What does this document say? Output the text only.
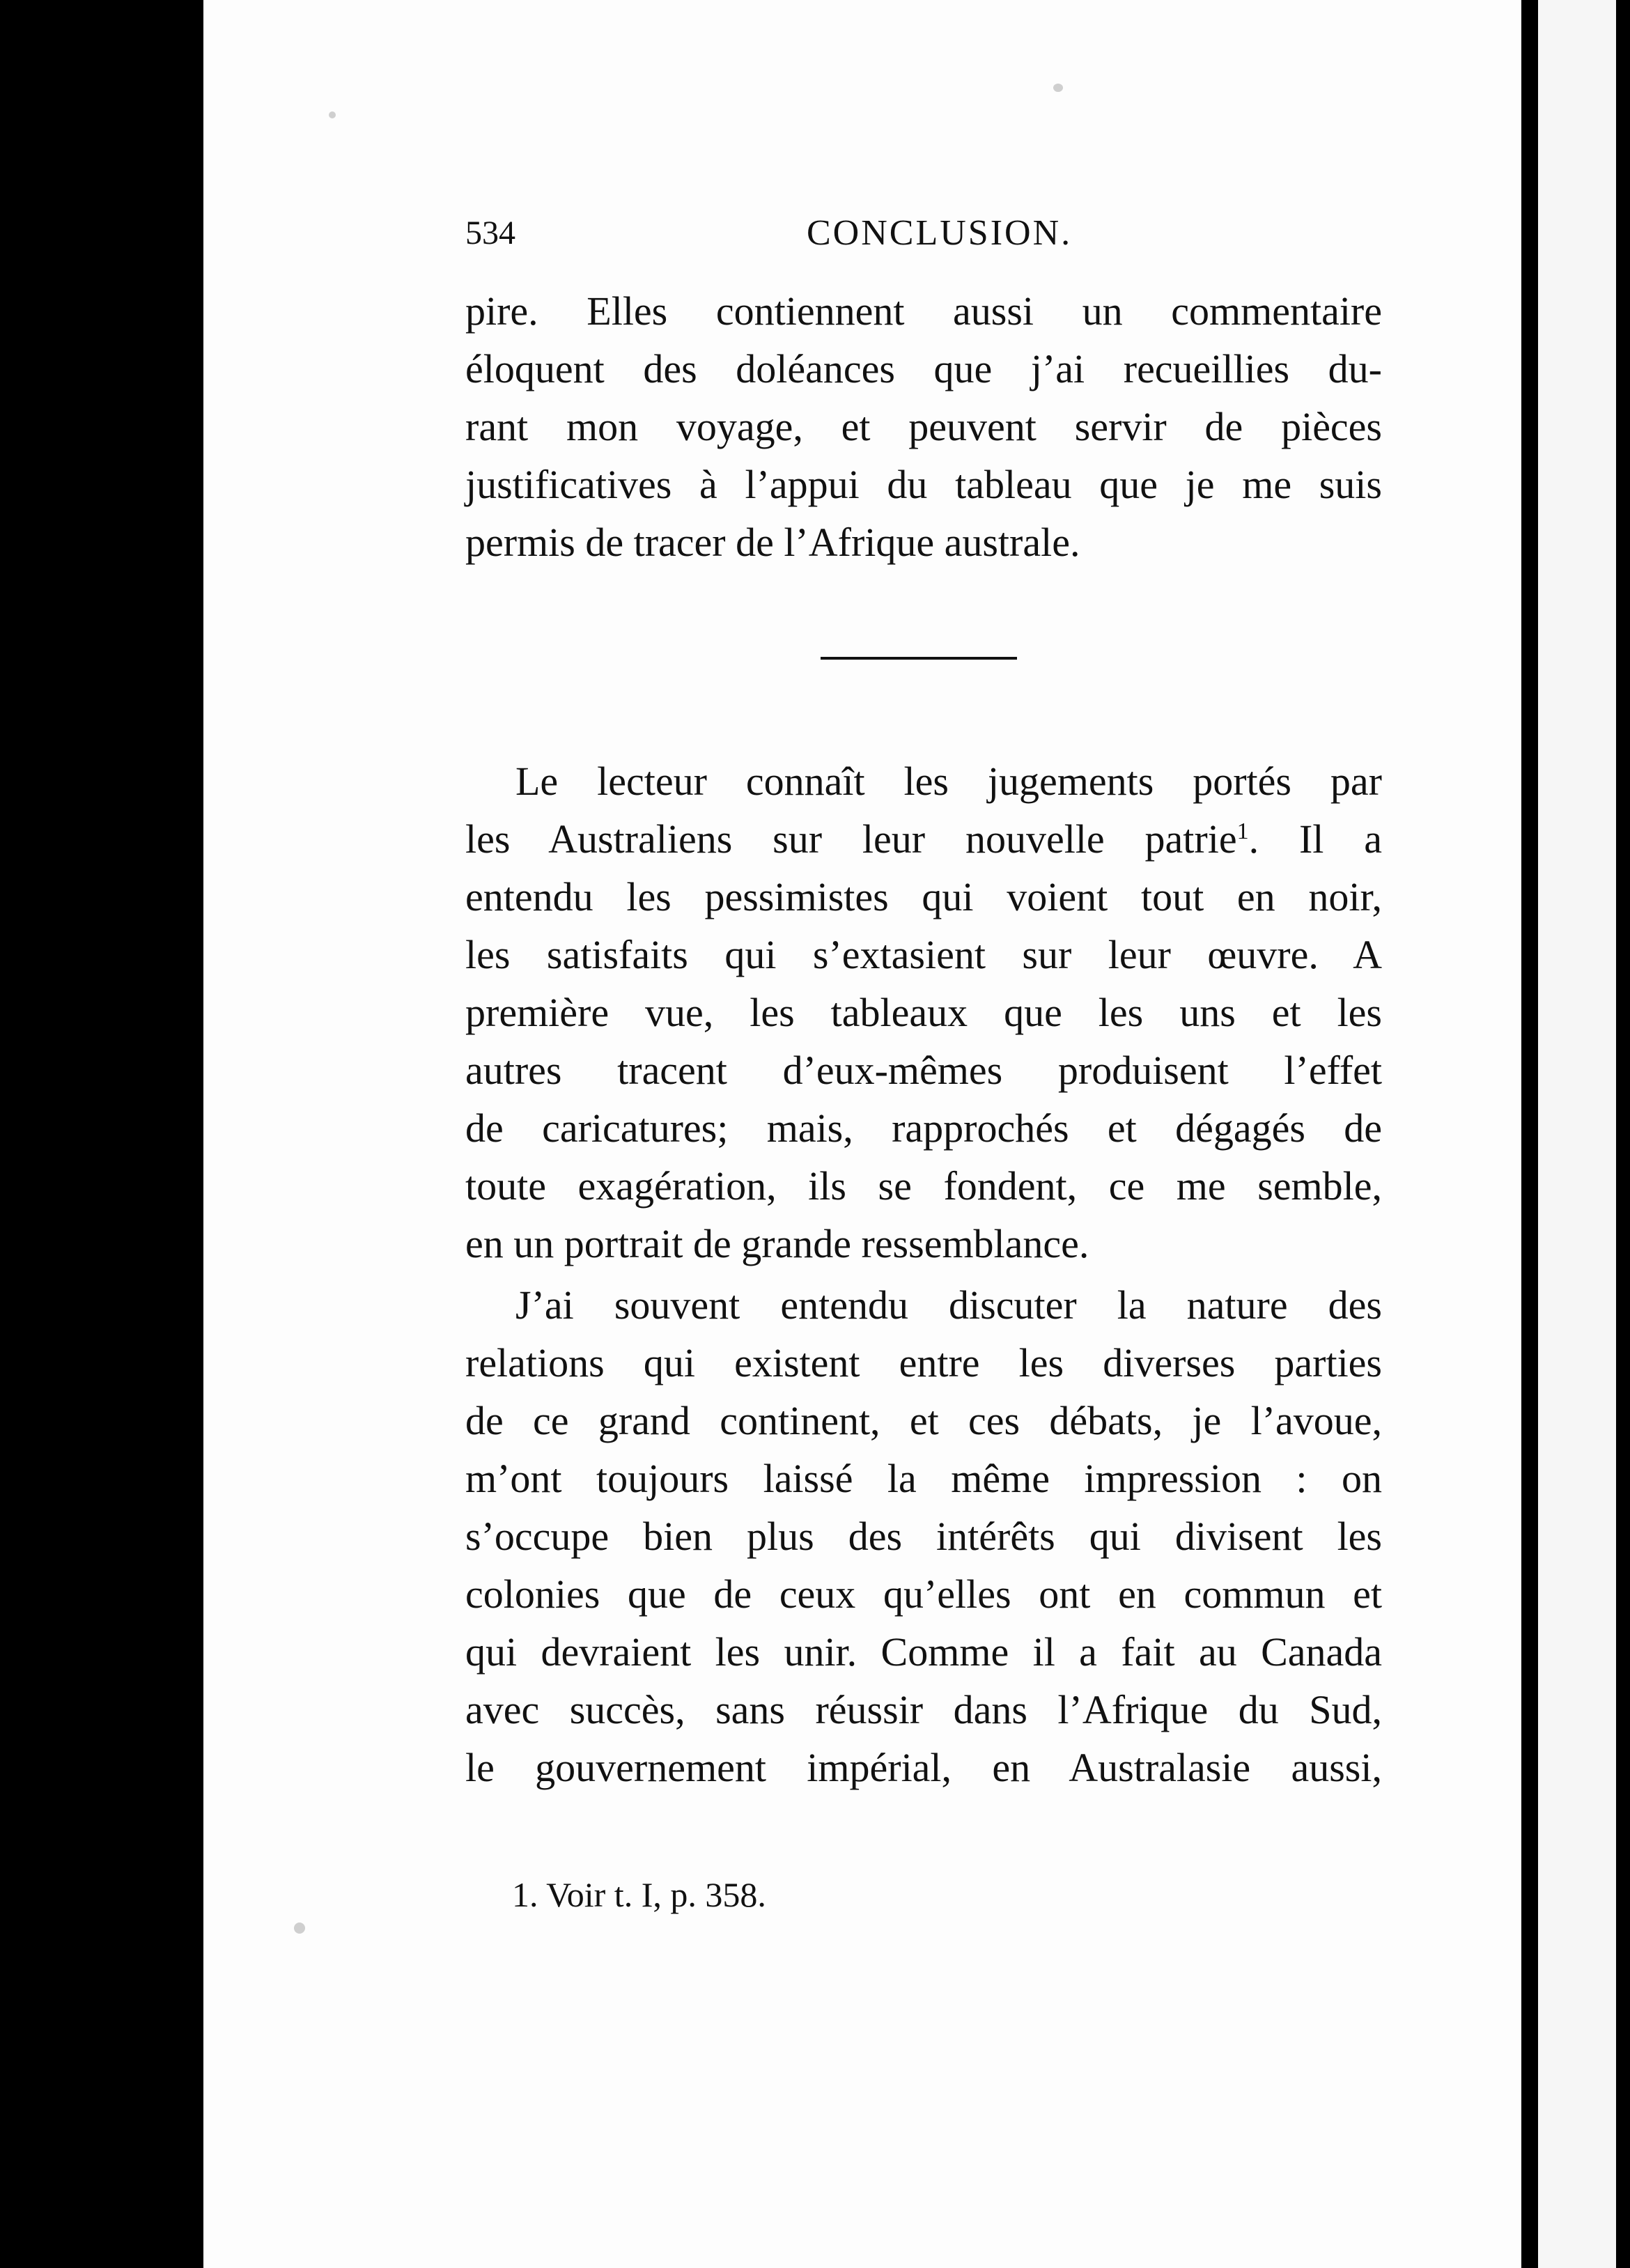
534	CONCLUSION.
pire. Elles contiennent aussi un commentaire
éloquent des doléances que j’ai recueillies du-
rant mon voyage, et peuvent servir de pièces
justificatives à l’appui du tableau que je me suis
permis de tracer de l’Afrique australe.
Le lecteur connaît les jugements portés par
les Australiens sur leur nouvelle patrie$^1$. Il a
entendu les pessimistes qui voient tout en noir,
les satisfaits qui s’extasient sur leur œuvre. A
première vue, les tableaux que les uns et les
autres tracent d’eux-mêmes produisent l’effet
de caricatures; mais, rapprochés et dégagés de
toute exagération, ils se fondent, ce me semble,
en un portrait de grande ressemblance.
J’ai souvent entendu discuter la nature des
relations qui existent entre les diverses parties
de ce grand continent, et ces débats, je l’avoue,
m’ont toujours laissé la même impression : on
s’occupe bien plus des intérêts qui divisent les
colonies que de ceux qu’elles ont en commun et
qui devraient les unir. Comme il a fait au Canada
avec succès, sans réussir dans l’Afrique du Sud,
le gouvernement impérial, en Australasie aussi,
1. Voir t. I, p. 358.
